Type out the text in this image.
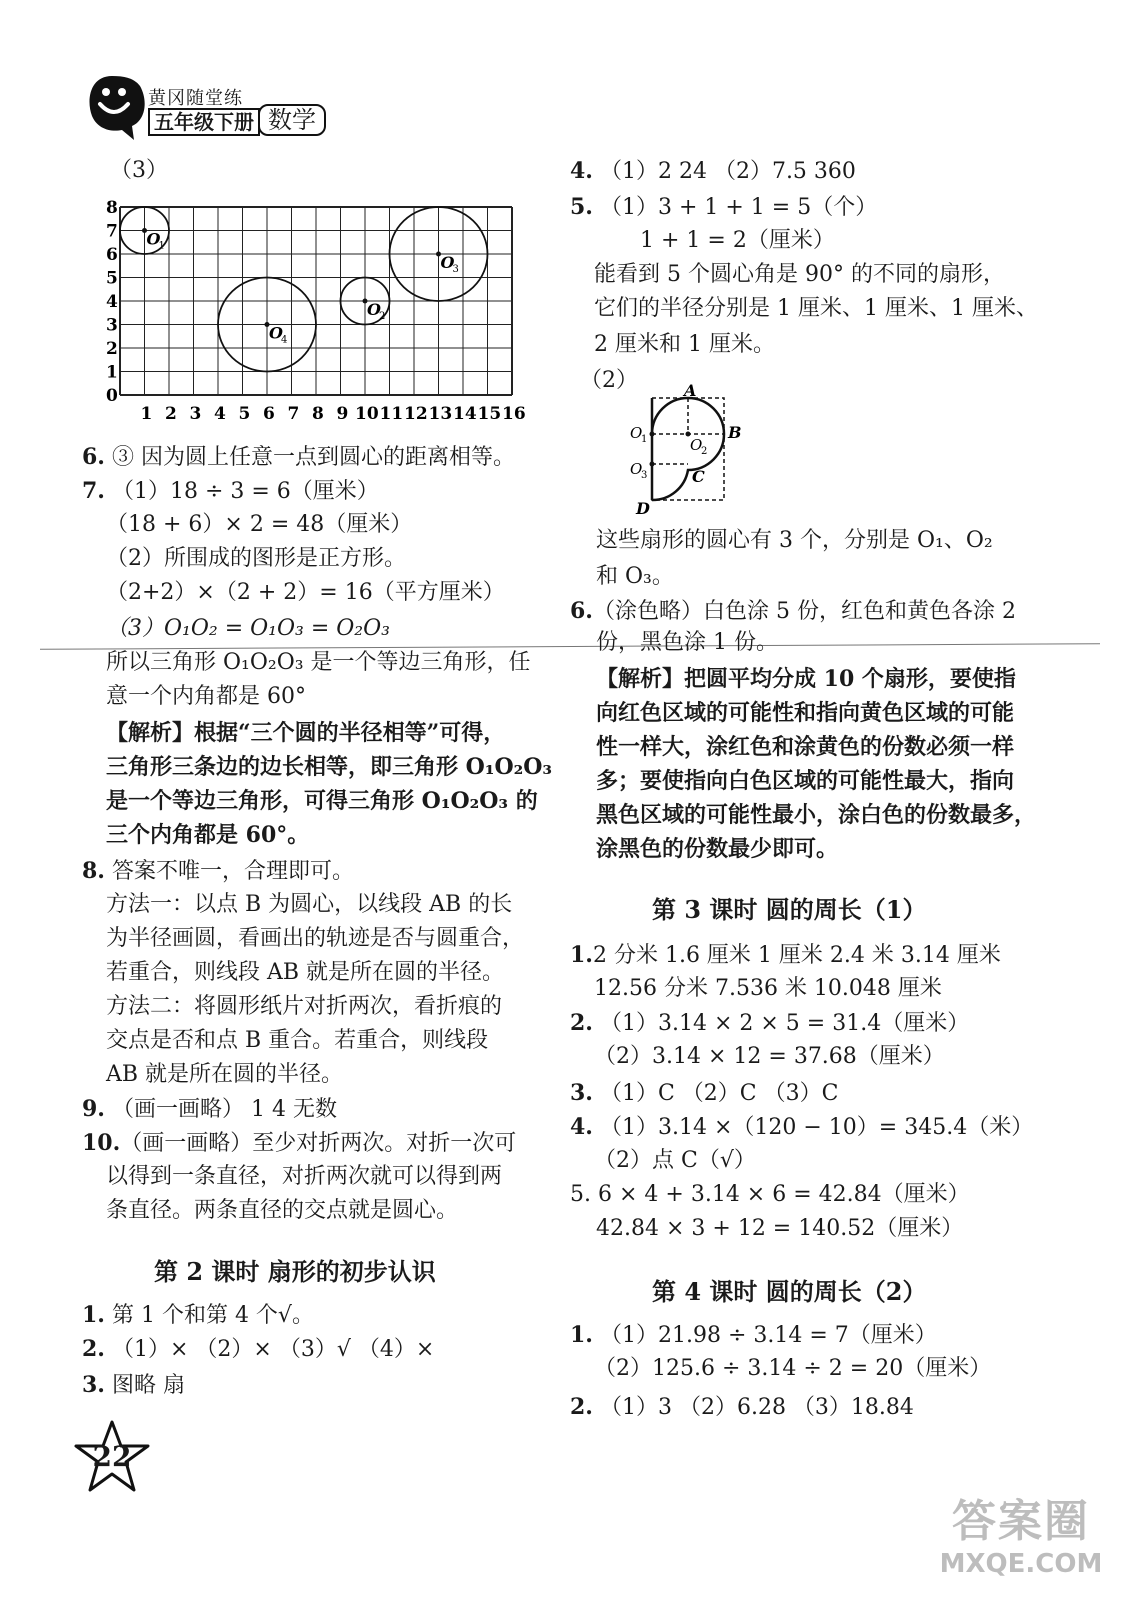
黄冈随堂练
五年级下册 数学
（3）
0
1
2
3
4
5
6
7
8
1 2 3 4 5 6 7 8 9 10 11 12 13 14 15 16
O
1
O
2
O
3
O
4
6. ③ 因为圆上任意一点到圆心的距离相等。
7. （1）18 ÷ 3 = 6（厘米）
（18 + 6）× 2 = 48（厘米）
（2）所围成的图形是正方形。
（2+2）×（2 + 2）= 16（平方厘米）
（3）O₁O₂ = O₁O₃ = O₂O₃
所以三角形 O₁O₂O₃ 是一个等边三角形，任
意一个内角都是 60°
【解析】根据“三个圆的半径相等”可得，
三角形三条边的边长相等，即三角形 O₁O₂O₃
是一个等边三角形，可得三角形 O₁O₂O₃ 的
三个内角都是 60°。
8. 答案不唯一，合理即可。
方法一：以点 B 为圆心，以线段 AB 的长
为半径画圆，看画出的轨迹是否与圆重合，
若重合，则线段 AB 就是所在圆的半径。
方法二：将圆形纸片对折两次，看折痕的
交点是否和点 B 重合。若重合，则线段
AB 就是所在圆的半径。
9. （画一画略） 1 4 无数
10.（画一画略）至少对折两次。对折一次可
以得到一条直径，对折两次就可以得到两
条直径。两条直径的交点就是圆心。
第 2 课时 扇形的初步认识
1. 第 1 个和第 4 个√。
2. （1）× （2）× （3）√ （4）×
3. 图略 扇
22
4. （1）2 24 （2）7.5 360
5. （1）3 + 1 + 1 = 5（个）
1 + 1 = 2（厘米）
能看到 5 个圆心角是 90° 的不同的扇形，
它们的半径分别是 1 厘米、1 厘米、1 厘米、
2 厘米和 1 厘米。
（2）	A
B
C
D
O
1	O
2
O
3
这些扇形的圆心有 3 个，分别是 O₁、O₂
和 O₃。
6.（涂色略）白色涂 5 份，红色和黄色各涂 2
份，黑色涂 1 份。
【解析】把圆平均分成 10 个扇形，要使指
向红色区域的可能性和指向黄色区域的可能
性一样大，涂红色和涂黄色的份数必须一样
多；要使指向白色区域的可能性最大，指向
黑色区域的可能性最小，涂白色的份数最多，
涂黑色的份数最少即可。
第 3 课时 圆的周长（1）
1.2 分米 1.6 厘米 1 厘米 2.4 米 3.14 厘米
12.56 分米 7.536 米 10.048 厘米
2. （1）3.14 × 2 × 5 = 31.4（厘米）
（2）3.14 × 12 = 37.68（厘米）
3. （1）C （2）C （3）C
4. （1）3.14 ×（120 − 10）= 345.4（米）
（2）点 C（√）
5. 6 × 4 + 3.14 × 6 = 42.84（厘米）
42.84 × 3 + 12 = 140.52（厘米）
第 4 课时 圆的周长（2）
1. （1）21.98 ÷ 3.14 = 7（厘米）
（2）125.6 ÷ 3.14 ÷ 2 = 20（厘米）
2. （1）3 （2）6.28 （3）18.84
答案圈
MXQE.COM
